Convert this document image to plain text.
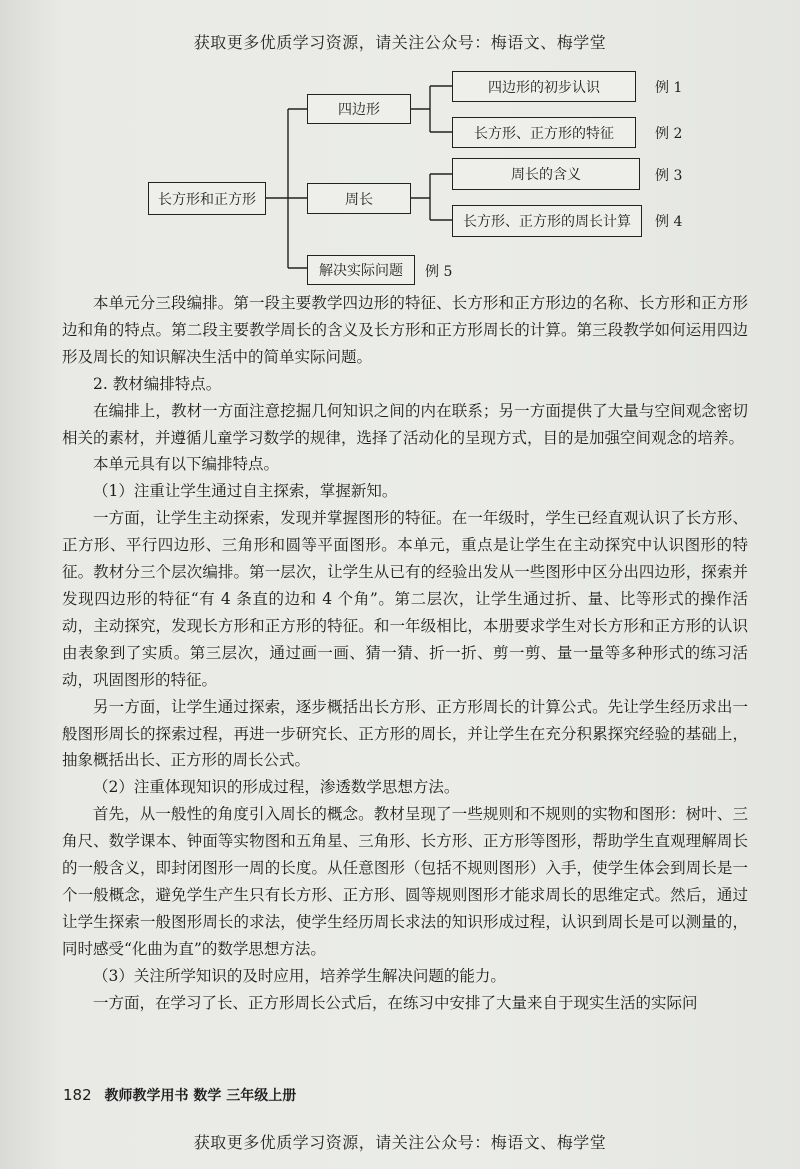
获取更多优质学习资源，请关注公众号：梅语文、梅学堂
长方形和正方形
四边形
周长
解决实际问题
四边形的初步认识
长方形、正方形的特征
周长的含义
长方形、正方形的周长计算
例 1
例 2
例 3
例 4
例 5

本单元分三段编排。第一段主要教学四边形的特征、长方形和正方形边的名称、长方形和正方形边和角的特点。第二段主要教学周长的含义及长方形和正方形周长的计算。第三段教学如何运用四边形及周长的知识解决生活中的简单实际问题。

2. 教材编排特点。

在编排上，教材一方面注意挖掘几何知识之间的内在联系；另一方面提供了大量与空间观念密切相关的素材，并遵循儿童学习数学的规律，选择了活动化的呈现方式，目的是加强空间观念的培养。

本单元具有以下编排特点。

（1）注重让学生通过自主探索，掌握新知。

一方面，让学生主动探索，发现并掌握图形的特征。在一年级时，学生已经直观认识了长方形、正方形、平行四边形、三角形和圆等平面图形。本单元，重点是让学生在主动探究中认识图形的特征。教材分三个层次编排。第一层次，让学生从已有的经验出发从一些图形中区分出四边形，探索并发现四边形的特征“有 4 条直的边和 4 个角”。第二层次，让学生通过折、量、比等形式的操作活动，主动探究，发现长方形和正方形的特征。和一年级相比，本册要求学生对长方形和正方形的认识由表象到了实质。第三层次，通过画一画、猜一猜、折一折、剪一剪、量一量等多种形式的练习活动，巩固图形的特征。

另一方面，让学生通过探索，逐步概括出长方形、正方形周长的计算公式。先让学生经历求出一般图形周长的探索过程，再进一步研究长、正方形的周长，并让学生在充分积累探究经验的基础上，抽象概括出长、正方形的周长公式。

（2）注重体现知识的形成过程，渗透数学思想方法。

首先，从一般性的角度引入周长的概念。教材呈现了一些规则和不规则的实物和图形：树叶、三角尺、数学课本、钟面等实物图和五角星、三角形、长方形、正方形等图形，帮助学生直观理解周长的一般含义，即封闭图形一周的长度。从任意图形（包括不规则图形）入手，使学生体会到周长是一个一般概念，避免学生产生只有长方形、正方形、圆等规则图形才能求周长的思维定式。然后，通过让学生探索一般图形周长的求法，使学生经历周长求法的知识形成过程，认识到周长是可以测量的，同时感受“化曲为直”的数学思想方法。

（3）关注所学知识的及时应用，培养学生解决问题的能力。

一方面，在学习了长、正方形周长公式后，在练习中安排了大量来自于现实生活的实际问

182 教师教学用书 数学 三年级上册
获取更多优质学习资源，请关注公众号：梅语文、梅学堂
